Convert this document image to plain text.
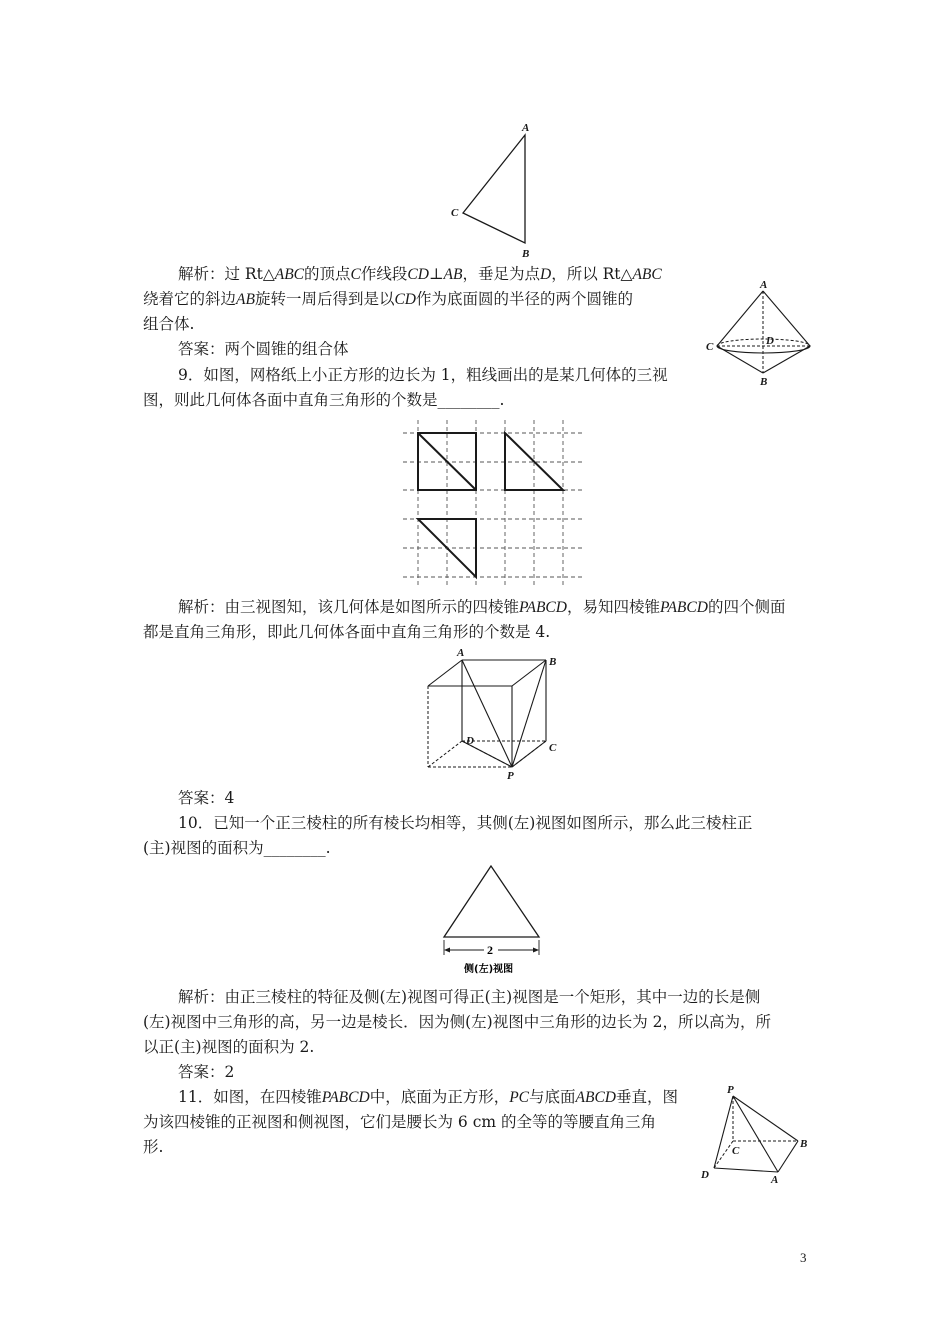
A
C
B
A
C	D
B
A
B
D
C
P
2
侧(左)视图
P
C
B
D	A
解析：过 Rt△ABC的顶点C作线段CD⊥AB，垂足为点D，所以 Rt△ABC
绕着它的斜边AB旋转一周后得到是以CD作为底面圆的半径的两个圆锥的
组合体.
答案：两个圆锥的组合体
9．如图，网格纸上小正方形的边长为 1，粗线画出的是某几何体的三视
图，则此几何体各面中直角三角形的个数是________.
解析：由三视图知，该几何体是如图所示的四棱锥PABCD，易知四棱锥PABCD的四个侧面
都是直角三角形，即此几何体各面中直角三角形的个数是 4.
答案：4
10．已知一个正三棱柱的所有棱长均相等，其侧(左)视图如图所示，那么此三棱柱正
(主)视图的面积为________.
解析：由正三棱柱的特征及侧(左)视图可得正(主)视图是一个矩形，其中一边的长是侧
(左)视图中三角形的高，另一边是棱长．因为侧(左)视图中三角形的边长为 2，所以高为，所
以正(主)视图的面积为 2.
答案：2
11．如图，在四棱锥PABCD中，底面为正方形，PC与底面ABCD垂直，图
为该四棱锥的正视图和侧视图，它们是腰长为 6 cm 的全等的等腰直角三角
形.
3
